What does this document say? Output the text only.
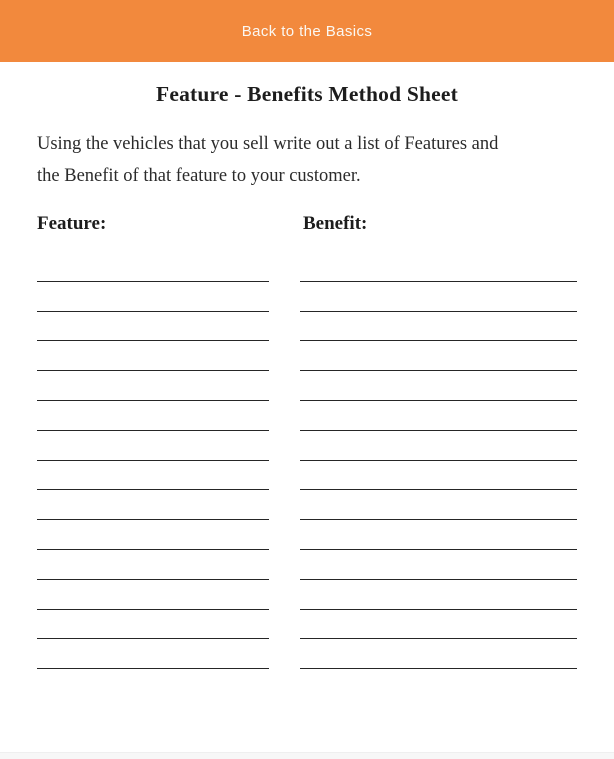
Back to the Basics
Feature - Benefits Method Sheet

Using the vehicles that you sell write out a list of Features and
the Benefit of that feature to your customer.

Feature:	Benefit:
